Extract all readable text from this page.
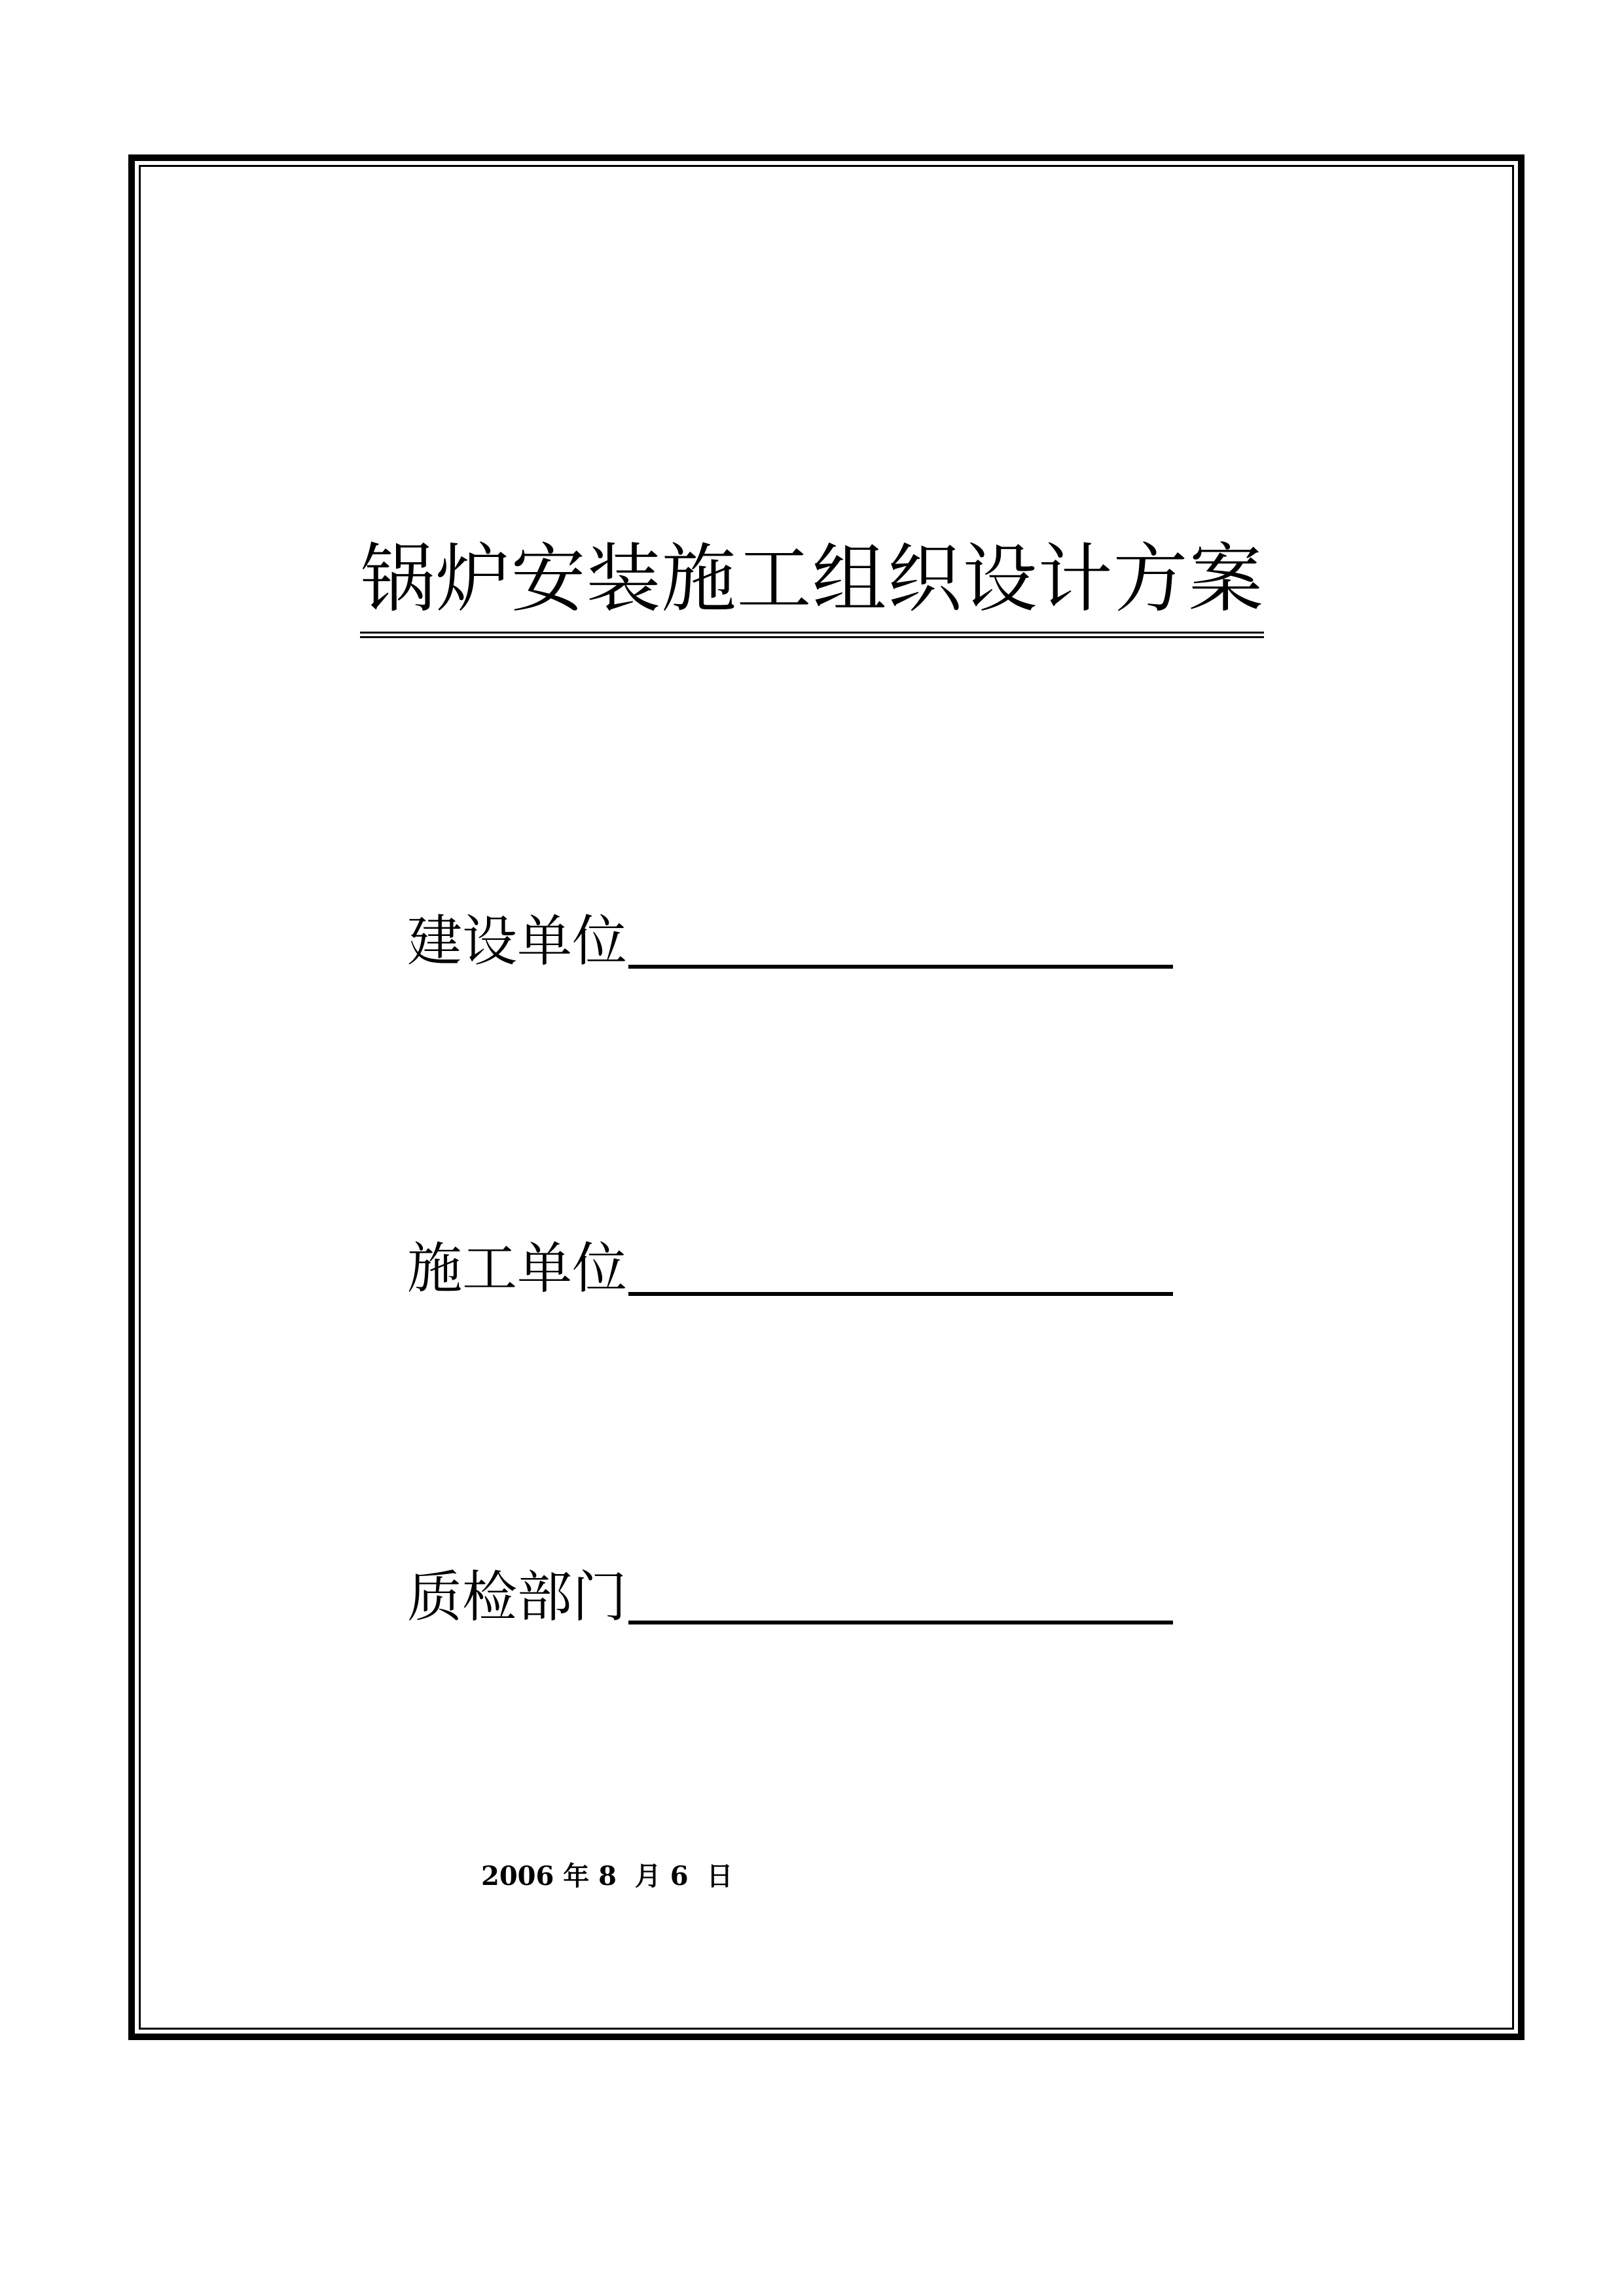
锅炉安装施工组织设计方案
建设单位
施工单位
质检部门
2006 年 8  月 6  日
